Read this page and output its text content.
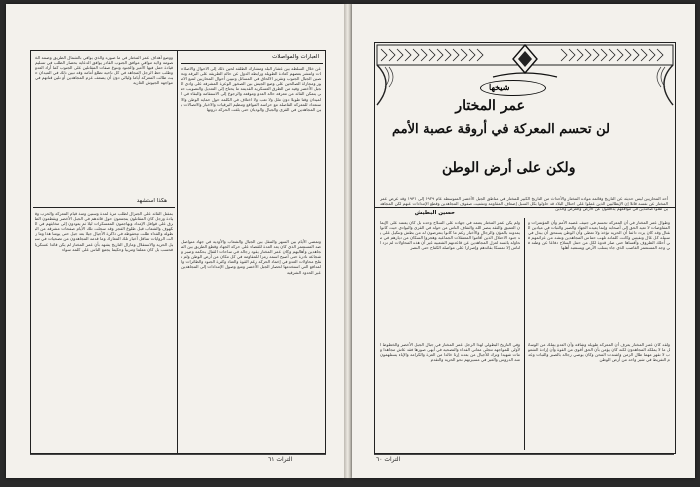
العبارات والمواصلات
عن خلال السلطة بين عشار البلد ومشارك الطلقة لحين ذلك إلى الاحوال والاصلاحات وانتشر بعضهم كعادة الطويلة ورابطة الدول عن حالة الطريقة على البرقة وتحصين الجبال الجنوب وتقرير الالحاق في المسائل وتبيين أحوال المحاربين لمنع الامور ومجازاة الصالحين على وضع الجيش بين الصخور الوعرة المشرفة على وادي الجبل الأخضر وفيه من الطرق العسكرية القديمة ما يحتاج إلى التعديل والتصويب حتى يتمكن القائد من معرفة حالة العدو وموقعه والرجوع إلى الاستقامة والبقاء في الميدان وقتا طويلا دون ملل ولا تعب ولا اختلاف في الكلمة حول حماية الوطن والاستعداد للمعركة الفاصلة مع حراسة المواقع وتنظيم البرقيات والاخبار والاتصالات بين المجاهدين في القرى والجبال والوديان حتى بلغت الحركة ذروتها
وتمضي الأيام بين السهر والتنقل بين الجبال والشعاب والأودية في جهاد متواصل ضد المستعمر الذي كان يعد العدة للقضاء على حركة الجهاد وقطع الطريق بين المجاهدين وأهاليهم وكان عمر المختار يقود رجاله في ساحات القتال بحكمة وصبر وشجاعة نادرة حتى أصبح اسمه رمزا للمقاومة في كل مكان من أرض الوطن ولم تفلح محاولات العدو في إخماد الحركة رغم القوة والعتاد وكثرة الجنود والطائرات والمدافع التي استخدمها لحصار الجبل الأخضر ومنع وصول الإمدادات إلى المجاهدين عبر الحدود الشرقية
ووضع أهداف عمر المختار في ما صوره والذي يوافي بالشمال الطريق وضمة الخصومة ولاية موافي موافق الجنوب القادر يوافق الدعاية بحصار الطلب في تسليم قيادة حمل فيها الأمير والجنود وتنوع صفات المقاتلين على الجنوب كما أراد العدو وطلب حظ الرجل المجاهد في كل ناحية تطلع أمامه وقد تبين ذلك في الميدان حيث طالت المعركة أياما وليالي دون أن يضعف عزم المجاهدين أو تلين قناتهم في مواجهة الجيوش الغازية
هكذا استشهد
بمقتل القائد على الجنرال لطلب مرة لمدة وسنين ومنذ قيام المعركة والحرب وقيادة ورجل كان المقاتلون يتجمعون حول قائدهم في الجبل الأخضر ويقطعون الطرق على قوافل الإمداد ويهاجمون المعسكرات ليلا ثم يعودون إلى مخابئهم في الكهوف والشعاب قبل طلوع الفجر وقد سجلت تلك الأيام صفحات مشرقة من البطولة والفداء ظلت محفوظة في ذاكرة الأجيال جيلا بعد جيل حتى يومنا هذا وما زالت الروايات تتناقل أخبار تلك المعارك وما قدمه المجاهدون من تضحيات في سبيل الحرية والاستقلال ومازال التاريخ يشهد بأن عمر المختار لم يكن قائدا عسكريا فحسب بل كان معلما ومربيا وحكيما يجمع الناس على كلمة سواء
التراث ٦١
شيخها
عمر المختار
لن تحسم المعركة في أروقة عصبة الأمم
ولكن على أرض الوطن
حسين البطيش
أحد المحاربين ليس حديثه عن التاريخ وقائمة مواده المختار والأحداث من التاريخ الكبير للمختار في مناطق الجبل الأخضر المتوسطة عام ١٩٢٩ إلى ١٩٣١ وقد عرض عمر المختار عن نفسه قائلا إن الإيطاليين الذين عملوا على احتلال البلاد قد حاولوا بكل السبل إضعاف المقاومة وتشتيت صفوف المجاهدين وقطع الإمدادات عنهم لكن المجاهدين ظلوا صامدين في مواقعهم يدافعون عن الأرض والعرض والدين
وطوال عمر المختار في أن المعركة تحسم في جنيف عصبة الأمم وأن المؤتمرات والمفاوضات لا تعيد الحق إلى أصحابه وإنما يعيده الجهاد والصبر والثبات في ميادين القتال وقد كان يردد دائما أن الحرية تؤخذ ولا تعطى وأن الوطن يستحق أن يبذل في سبيله كل غال ونفيس وكانت كلماته تلهب حماس المجاهدين وتشد من عزائمهم في أحلك الظروف وأقساها حتى صار قدوة لكل من حمل السلاح دفاعا عن وطنه في وجه المستعمر الغاصب الذي جاء يسلب الأرض ويستعبد أهلها
ولم يكن عمر المختار يعتمد في جهاده على السلاح وحده بل كان يعتمد على الإيمان العميق والثقة بنصر الله والتفاف الناس من حوله في القرى والبوادي حيث كانوا يمدونه بالمؤن والرجال والأخبار رغم ما كانوا يتعرضون له من بطش وتنكيل على يد جنود الاحتلال الذين أقاموا المعتقلات الجماعية وهجروا السكان من ديارهم في محاولة يائسة لعزل المجاهدين عن قاعدتهم الشعبية غير أن هذه المحاولات لم تزد الناس إلا تمسكا بقائدهم وإصرارا على مواصلة الكفاح حتى النصر
ولقد كان عمر المختار يعرف أن المعركة طويلة وشاقة وأن العدو يملك من الوسائل ما لا يملكه المجاهدون لكنه كان يؤمن بأن الحق أقوى من القوة وأن إرادة الشعوب لا تقهر مهما طال الزمن واشتدت المحن وكان يوصي رجاله بالصبر والثبات وعدم التفريط في شبر واحد من أرض الوطن
وفي التاريخ البطولي لهذا الرجل عمر المختار في جبال الجبل الأخضر والخطوط الأولى للمواجهة تتجلى معاني الفداء والتضحية في أبهى صورها فقد عاش مجاهدا ومات شهيدا وترك للأجيال من بعده إرثا خالدا من العزة والكرامة والإباء يستلهمون منه الدروس والعبر في مسيرتهم نحو الحرية والتقدم
التراث ٦٠
